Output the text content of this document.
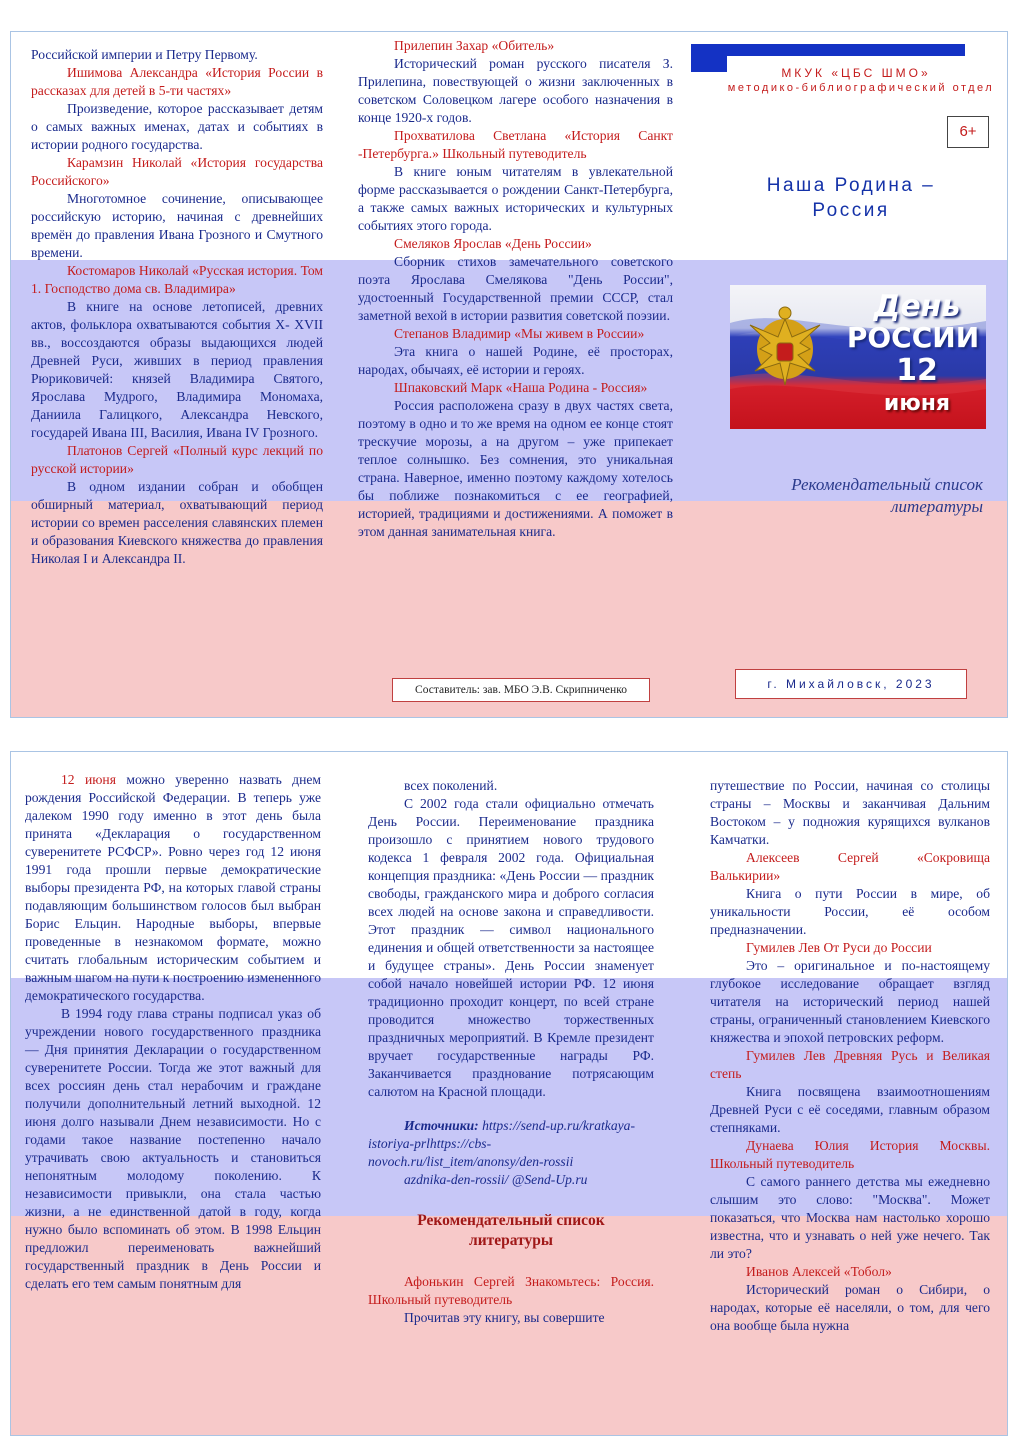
Российской империи и Петру Первому.

Ишимова Александра «История России в рассказах для детей в 5-ти частях»

Произведение, которое рассказывает детям о самых важных именах, датах и событиях в истории родного государства.

Карамзин Николай «История государства Российского»

Многотомное сочинение, описывающее российскую историю, начиная с древнейших времён до правления Ивана Грозного и Смутного времени.

Костомаров Николай «Русская история. Том 1. Господство дома св. Владимира»

В книге на основе летописей, древних актов, фольклора охватываются события X- XVII вв., воссоздаются образы выдающихся людей Древней Руси, живших в период правления Рюриковичей: князей Владимира Святого, Ярослава Мудрого, Владимира Мономаха, Даниила Галицкого, Александра Невского, государей Ивана III, Василия, Ивана IV Грозного.

Платонов Сергей «Полный курс лекций по русской истории»

В одном издании собран и обобщен обширный материал, охватывающий период истории со времен расселения славянских племен и образования Киевского княжества до правления Николая I и Александра II.

Прилепин Захар «Обитель»

Исторический роман русского писателя З. Прилепина, повествующей о жизни заключенных в советском Соловецком лагере особого назначения в конце 1920-х годов.

Прохватилова Светлана «История Санкт -Петербурга.» Школьный путеводитель

В книге юным читателям в увлекательной форме рассказывается о рождении Санкт-Петербурга, а также самых важных исторических и культурных событиях этого города.

Смеляков Ярослав «День России»

Сборник стихов замечательного советского поэта Ярослава Смелякова "День России", удостоенный Государственной премии СССР, стал заметной вехой в истории развития советской поэзии.

Степанов Владимир «Мы живем в России»

Эта книга о нашей Родине, её просторах, народах, обычаях, её истории и героях.

Шпаковский Марк «Наша Родина - Россия»

Россия расположена сразу в двух частях света, поэтому в одно и то же время на одном ее конце стоят трескучие морозы, а на другом – уже припекает теплое солнышко. Без сомнения, это уникальная страна. Наверное, именно поэтому каждому хотелось бы поближе познакомиться с ее географией, историей, традициями и достижениями. А поможет в этом данная занимательная книга.

Составитель: зав. МБО Э.В. Скрипниченко
МКУК «ЦБС ШМО»
методико-библиографический отдел
6+
Наша Родина – Россия
День
РОССИИ
12
июня
Рекомендательный список литературы
г. Михайловск, 2023

12 июня можно уверенно назвать днем рождения Российской Федерации. В теперь уже далеком 1990 году именно в этот день была принята «Декларация о государственном суверенитете РСФСР». Ровно через год 12 июня 1991 года прошли первые демократические выборы президента РФ, на которых главой страны подавляющим большинством голосов был выбран Борис Ельцин. Народные выборы, впервые проведенные в незнакомом формате, можно считать глобальным историческим событием и важным шагом на пути к построению измененного демократического государства.

В 1994 году глава страны подписал указ об учреждении нового государственного праздника — Дня принятия Декларации о государственном суверенитете России. Тогда же этот важный для всех россиян день стал нерабочим и граждане получили дополнительный летний выходной. 12 июня долго называли Днем независимости. Но с годами такое название постепенно начало утрачивать свою актуальность и становиться непонятным молодому поколению. К независимости привыкли, она стала частью жизни, а не единственной датой в году, когда нужно было вспоминать об этом. В 1998 Ельцин предложил переименовать важнейший государственный праздник в День России и сделать его тем самым понятным для

всех поколений.

С 2002 года стали официально отмечать День России. Переименование праздника произошло с принятием нового трудового кодекса 1 февраля 2002 года. Официальная концепция праздника: «День России — праздник свободы, гражданского мира и доброго согласия всех людей на основе закона и справедливости. Этот праздник — символ национального единения и общей ответственности за настоящее и будущее страны». День России знаменует собой начало новейшей истории РФ. 12 июня традиционно проходит концерт, по всей стране проводится множество торжественных праздничных мероприятий. В Кремле президент вручает государственные награды РФ. Заканчивается празднование потрясающим салютом на Красной площади.

Источники: https://send-up.ru/kratkaya-istoriya-prlhttps://cbs-novoch.ru/list_item/anonsy/den-rossii

azdnika-den-rossii/ @Send-Up.ru

Рекомендательный список литературы

Афонькин Сергей Знакомьтесь: Россия. Школьный путеводитель

Прочитав эту книгу, вы совершите

путешествие по России, начиная со столицы страны – Москвы и заканчивая Дальним Востоком – у подножия курящихся вулканов Камчатки.

Алексеев Сергей «Сокровища Валькирии»

Книга о пути России в мире, об уникальности России, её особом предназначении.

Гумилев Лев От Руси до России

Это – оригинальное и по-настоящему глубокое исследование обращает взгляд читателя на исторический период нашей страны, ограниченный становлением Киевского княжества и эпохой петровских реформ.

Гумилев Лев Древняя Русь и Великая степь

Книга посвящена взаимоотношениям Древней Руси с её соседями, главным образом степняками.

Дунаева Юлия История Москвы. Школьный путеводитель

С самого раннего детства мы ежедневно слышим это слово: "Москва". Может показаться, что Москва нам настолько хорошо известна, что и узнавать о ней уже нечего. Так ли это?

Иванов Алексей «Тобол»

Исторический роман о Сибири, о народах, которые её населяли, о том, для чего она вообще была нужна
